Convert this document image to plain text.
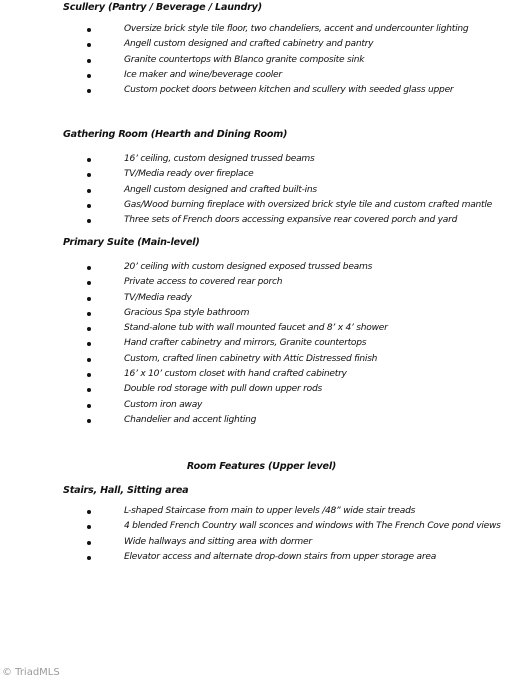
Scullery (Pantry / Beverage / Laundry)
Oversize brick style tile floor, two chandeliers, accent and undercounter lighting
Angell custom designed and crafted cabinetry and pantry
Granite countertops with Blanco granite composite sink
Ice maker and wine/beverage cooler
Custom pocket doors between kitchen and scullery with seeded glass upper
Gathering Room (Hearth and Dining Room)
16’ ceiling, custom designed trussed beams
TV/Media ready over fireplace
Angell custom designed and crafted built-ins
Gas/Wood burning fireplace with oversized brick style tile and custom crafted mantle
Three sets of French doors accessing expansive rear covered porch and yard
Primary Suite (Main-level)
20’ ceiling with custom designed exposed trussed beams
Private access to covered rear porch
TV/Media ready
Gracious Spa style bathroom
Stand-alone tub with wall mounted faucet and 8’ x 4’ shower
Hand crafter cabinetry and mirrors, Granite countertops
Custom, crafted linen cabinetry with Attic Distressed finish
16’ x 10’ custom closet with hand crafted cabinetry
Double rod storage with pull down upper rods
Custom iron away
Chandelier and accent lighting
Room Features (Upper level)
Stairs, Hall, Sitting area
L-shaped Staircase from main to upper levels /48” wide stair treads
4 blended French Country wall sconces and windows with The French Cove pond views
Wide hallways and sitting area with dormer
Elevator access and alternate drop-down stairs from upper storage area
© TriadMLS
